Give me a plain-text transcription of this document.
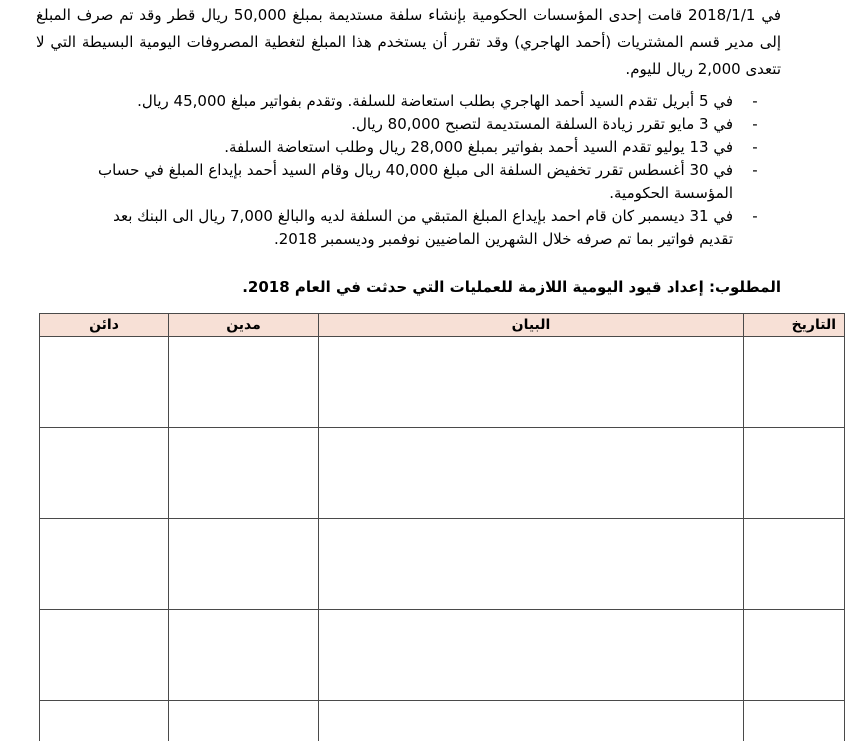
في 2018/1/1 قامت إحدى المؤسسات الحكومية بإنشاء سلفة مستديمة بمبلغ 50,000 ريال قطر وقد تم صرف المبلغ إلى مدير قسم المشتريات (أحمد الهاجري) وقد تقرر أن يستخدم هذا المبلغ لتغطية المصروفات اليومية البسيطة التي لا تتعدى 2,000 ريال لليوم.

-
في 5 أبريل تقدم السيد أحمد الهاجري بطلب استعاضة للسلفة. وتقدم بفواتير مبلغ 45,000 ريال.
-
في 3 مايو تقرر زيادة السلفة المستديمة لتصبح 80,000 ريال.
-
في 13 يوليو تقدم السيد أحمد بفواتير بمبلغ 28,000 ريال وطلب استعاضة السلفة.
-
في 30 أغسطس تقرر تخفيض السلفة الى مبلغ 40,000 ريال وقام السيد أحمد بإيداع المبلغ في حساب المؤسسة الحكومية.
-
في 31 ديسمبر كان قام احمد بإيداع المبلغ المتبقي من السلفة لديه والبالغ 7,000 ريال الى البنك بعد تقديم فواتير بما تم صرفه خلال الشهرين الماضيين نوفمبر وديسمبر 2018.

المطلوب: إعداد قيود اليومية اللازمة للعمليات التي حدثت في العام 2018.

التاريخ	البيان	مدين	دائن
